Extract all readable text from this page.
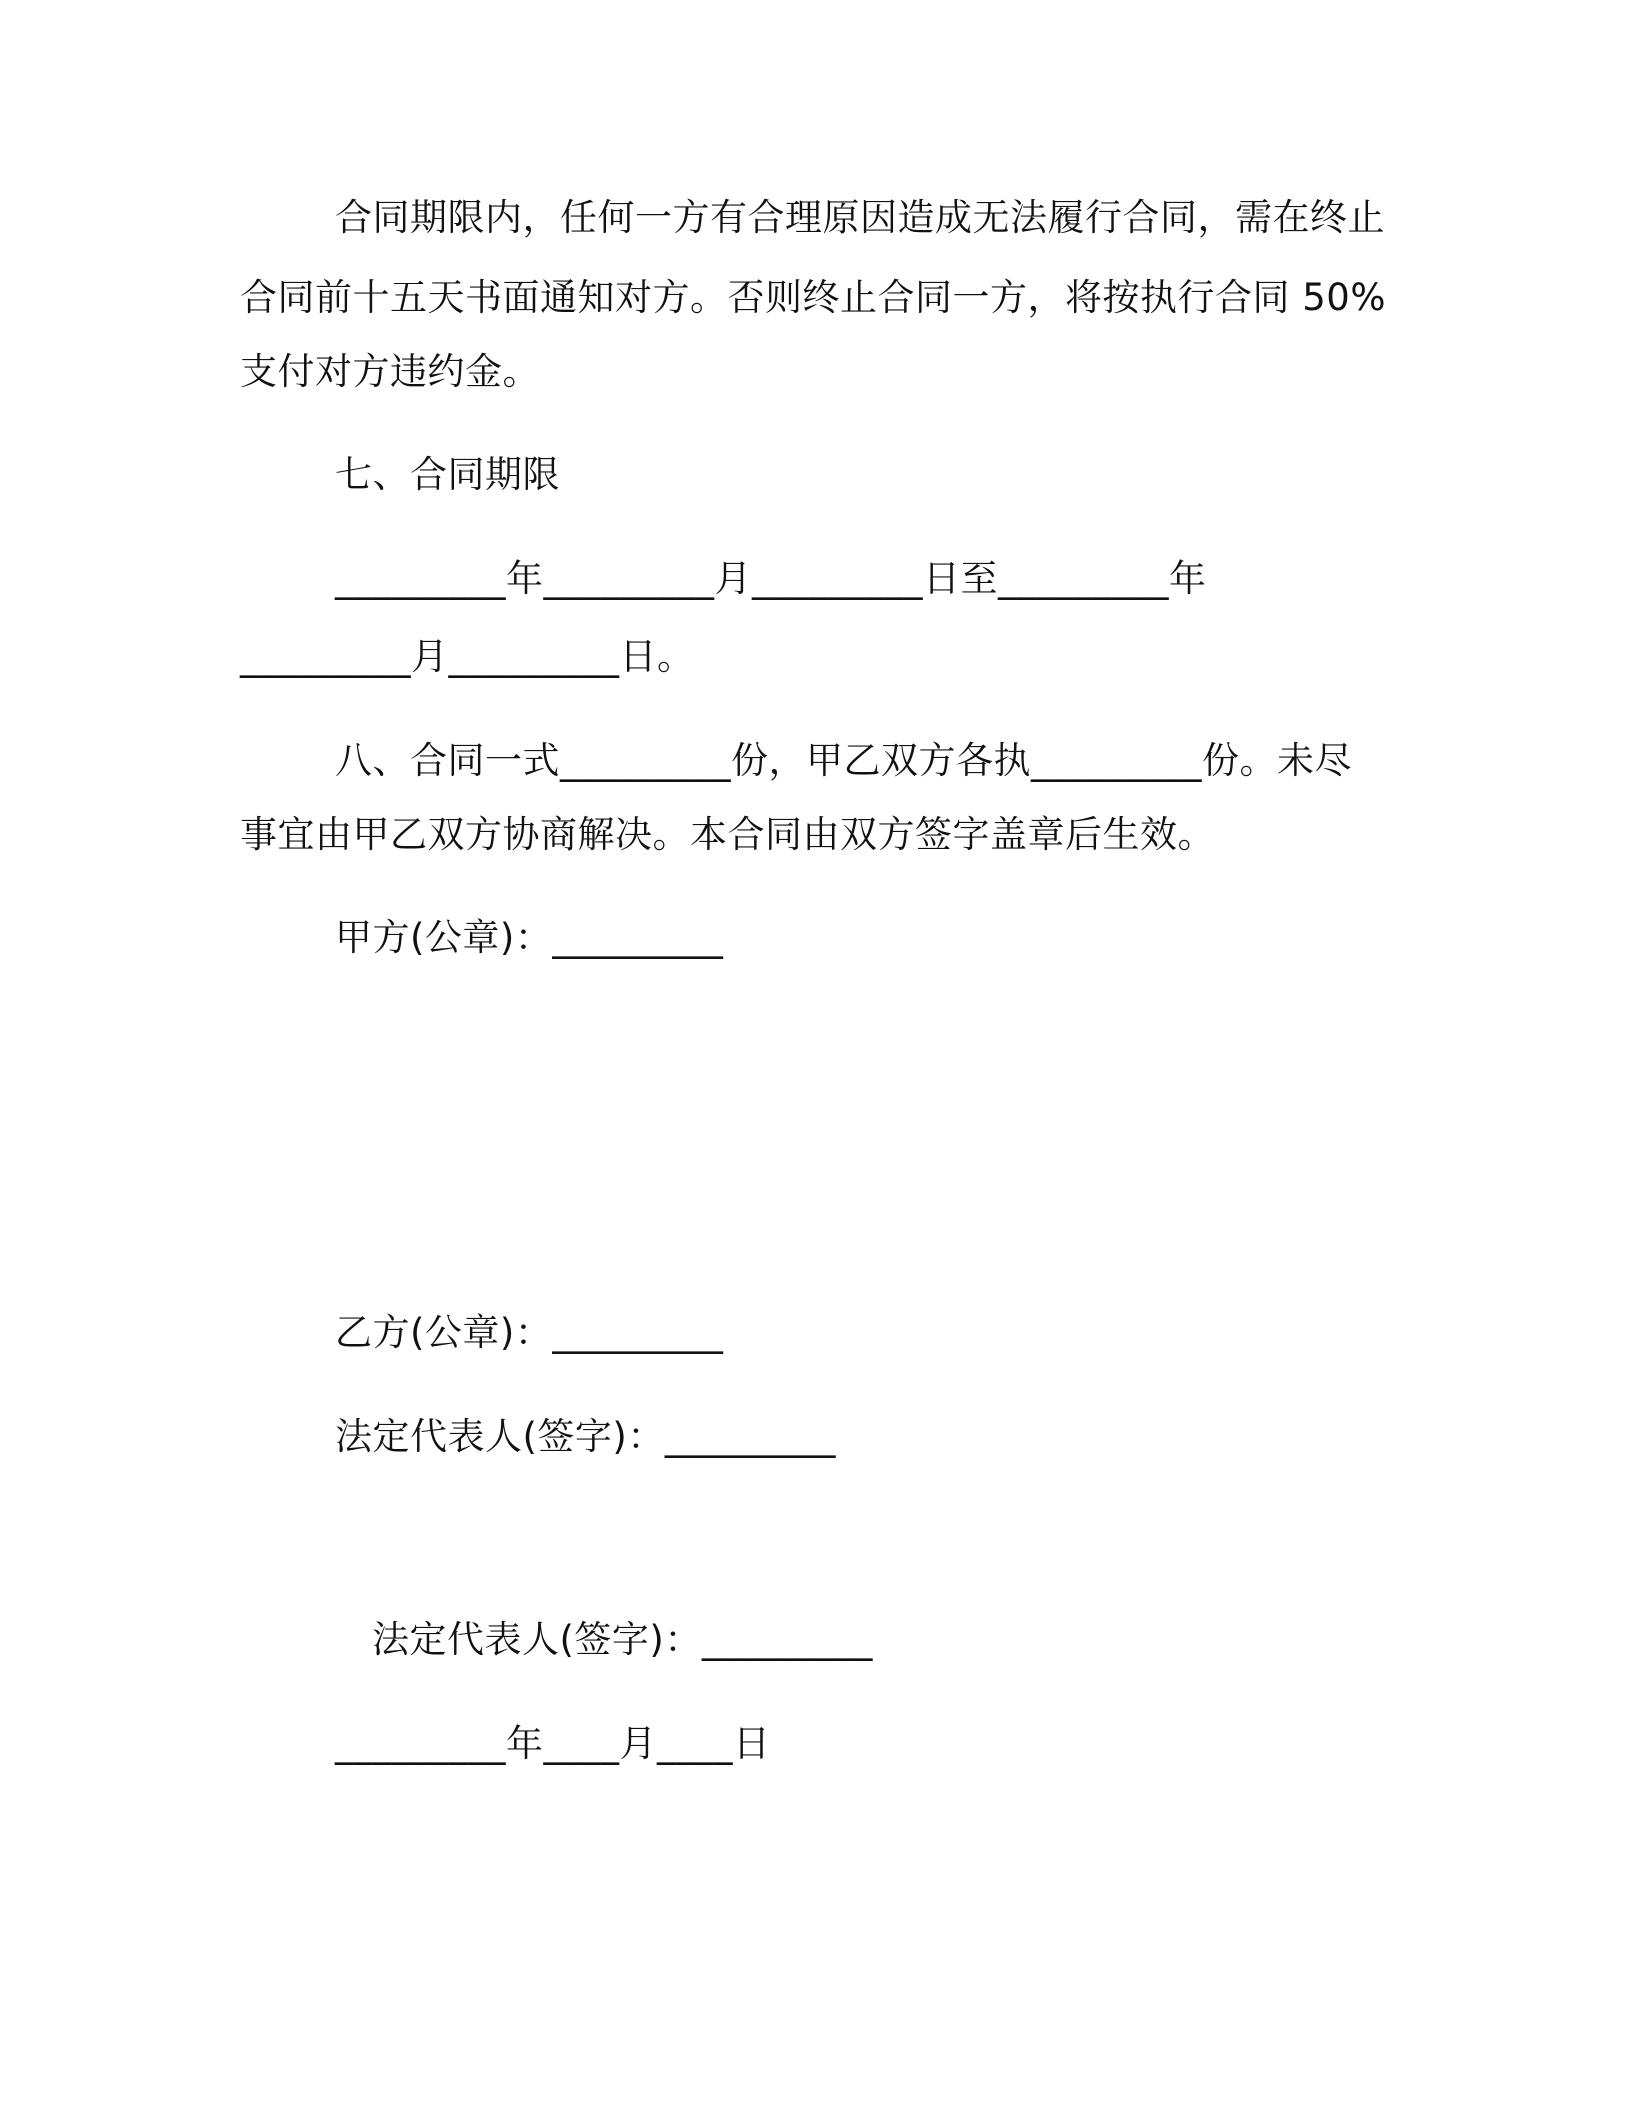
合同期限内，任何一方有合理原因造成无法履行合同，需在终止
合同前十五天书面通知对方。否则终止合同一方，将按执行合同 50%
支付对方违约金。
七、合同期限
_________年_________月_________日至_________年
_________月_________日。
八、合同一式_________份，甲乙双方各执_________份。未尽
事宜由甲乙双方协商解决。本合同由双方签字盖章后生效。
甲方(公章)：_________
乙方(公章)：_________
法定代表人(签字)：_________
法定代表人(签字)：_________
_________年____月____日
